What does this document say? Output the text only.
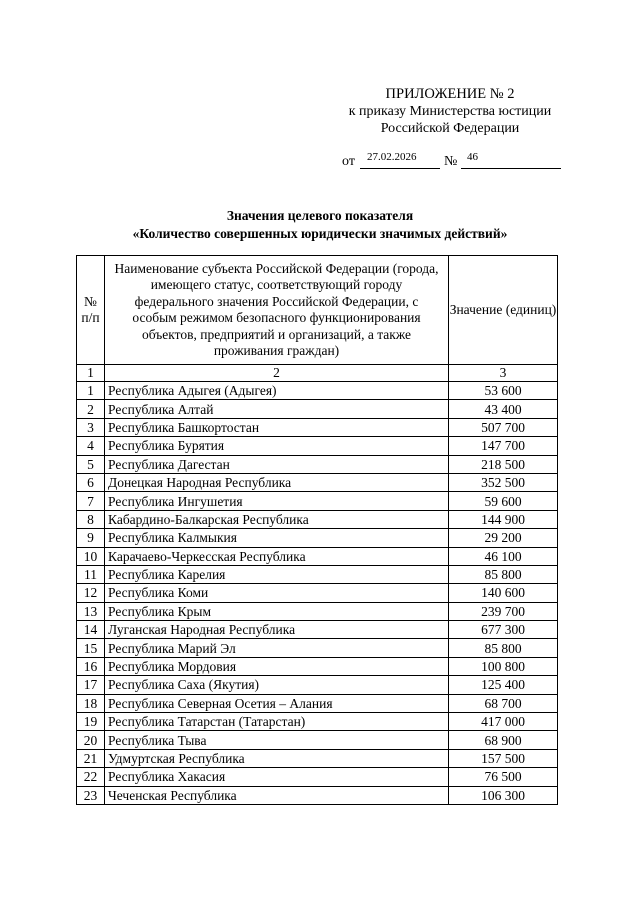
ПРИЛОЖЕНИЕ № 2
к приказу Министерства юстиции
Российской Федерации
от 27.02.2026 № 46
Значения целевого показателя
«Количество совершенных юридически значимых действий»
№ п/п	Наименование субъекта Российской Федерации (города, имеющего статус, соответствующий городу федерального значения Российской Федерации, с особым режимом безопасного функционирования объектов, предприятий и организаций, а также проживания граждан)	Значение (единиц)
1	2	3
1	Республика Адыгея (Адыгея)	53 600
2	Республика Алтай	43 400
3	Республика Башкортостан	507 700
4	Республика Бурятия	147 700
5	Республика Дагестан	218 500
6	Донецкая Народная Республика	352 500
7	Республика Ингушетия	59 600
8	Кабардино-Балкарская Республика	144 900
9	Республика Калмыкия	29 200
10	Карачаево-Черкесская Республика	46 100
11	Республика Карелия	85 800
12	Республика Коми	140 600
13	Республика Крым	239 700
14	Луганская Народная Республика	677 300
15	Республика Марий Эл	85 800
16	Республика Мордовия	100 800
17	Республика Саха (Якутия)	125 400
18	Республика Северная Осетия – Алания	68 700
19	Республика Татарстан (Татарстан)	417 000
20	Республика Тыва	68 900
21	Удмуртская Республика	157 500
22	Республика Хакасия	76 500
23	Чеченская Республика	106 300
